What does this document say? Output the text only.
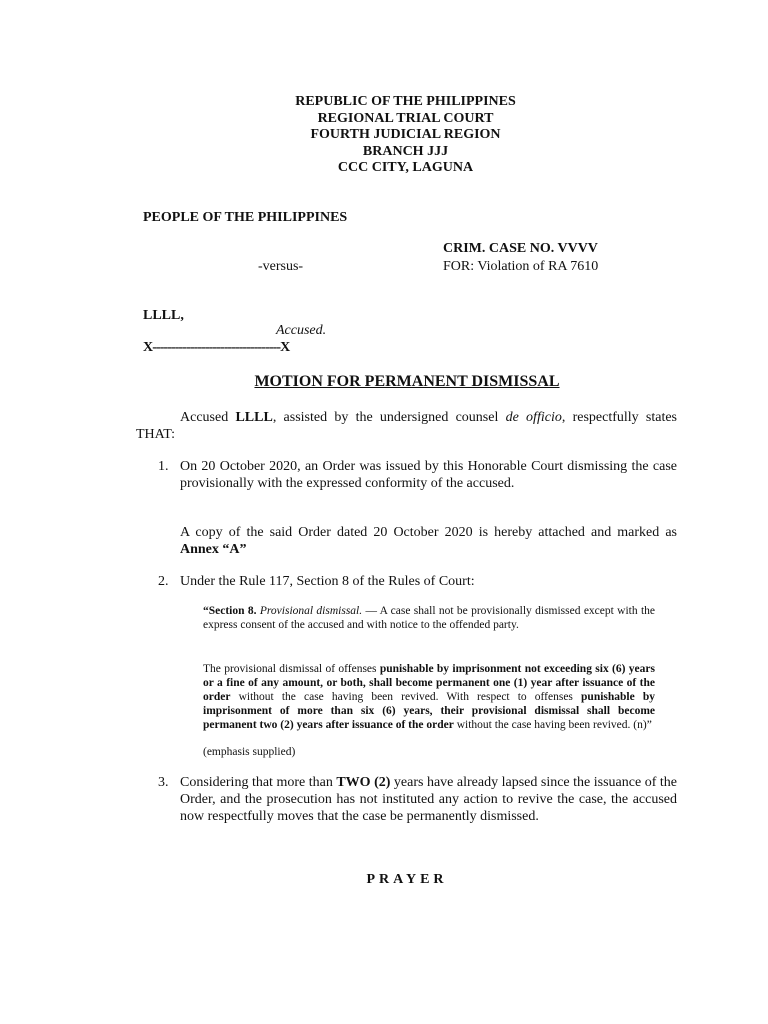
REPUBLIC OF THE PHILIPPINES
REGIONAL TRIAL COURT
FOURTH JUDICIAL REGION
BRANCH JJJ
CCC CITY, LAGUNA
PEOPLE OF THE PHILIPPINES
CRIM. CASE NO. VVVV
-versus-	FOR: Violation of RA 7610
LLLL,
Accused.
X----------------------------------X
MOTION FOR PERMANENT DISMISSAL
Accused LLLL, assisted by the undersigned counsel de officio, respectfully states THAT:
1. On 20 October 2020, an Order was issued by this Honorable Court dismissing the case provisionally with the expressed conformity of the accused.
A copy of the said Order dated 20 October 2020 is hereby attached and marked as Annex “A”
2. Under the Rule 117, Section 8 of the Rules of Court:
“Section 8. Provisional dismissal. — A case shall not be provisionally dismissed except with the express consent of the accused and with notice to the offended party.
The provisional dismissal of offenses punishable by imprisonment not exceeding six (6) years or a fine of any amount, or both, shall become permanent one (1) year after issuance of the order without the case having been revived. With respect to offenses punishable by imprisonment of more than six (6) years, their provisional dismissal shall become permanent two (2) years after issuance of the order without the case having been revived. (n)”
(emphasis supplied)
3. Considering that more than TWO (2) years have already lapsed since the issuance of the Order, and the prosecution has not instituted any action to revive the case, the accused now respectfully moves that the case be permanently dismissed.
PRAYER
